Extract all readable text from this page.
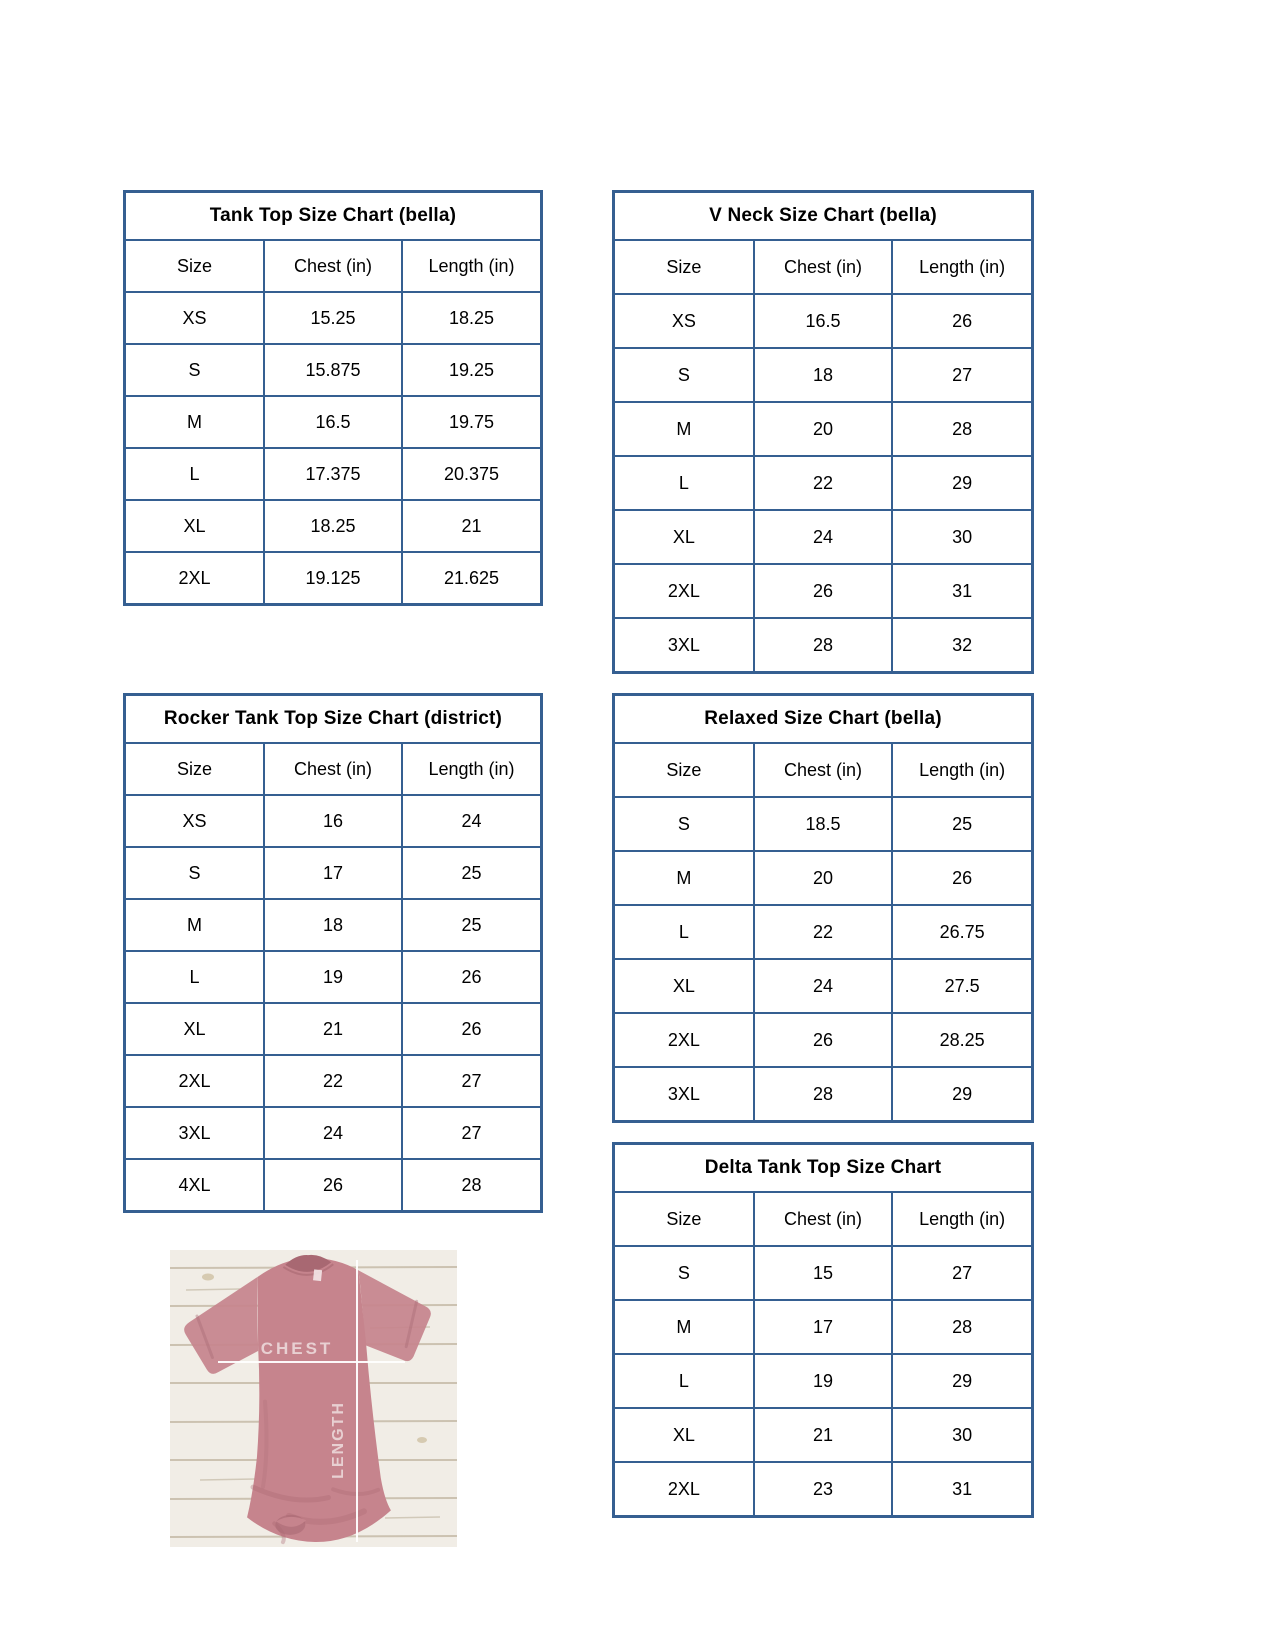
Tank Top Size Chart (bella)
Size	Chest (in)	Length (in)
XS	15.25	18.25
S	15.875	19.25
M	16.5	19.75
L	17.375	20.375
XL	18.25	21
2XL	19.125	21.625
V Neck Size Chart (bella)
Size	Chest (in)	Length (in)
XS	16.5	26
S	18	27
M	20	28
L	22	29
XL	24	30
2XL	26	31
3XL	28	32
Rocker Tank Top Size Chart (district)
Size	Chest (in)	Length (in)
XS	16	24
S	17	25
M	18	25
L	19	26
XL	21	26
2XL	22	27
3XL	24	27
4XL	26	28
Relaxed Size Chart (bella)
Size	Chest (in)	Length (in)
S	18.5	25
M	20	26
L	22	26.75
XL	24	27.5
2XL	26	28.25
3XL	28	29
Delta Tank Top Size Chart
Size	Chest (in)	Length (in)
S	15	27
M	17	28
L	19	29
XL	21	30
2XL	23	31
CHEST
LENGTH
